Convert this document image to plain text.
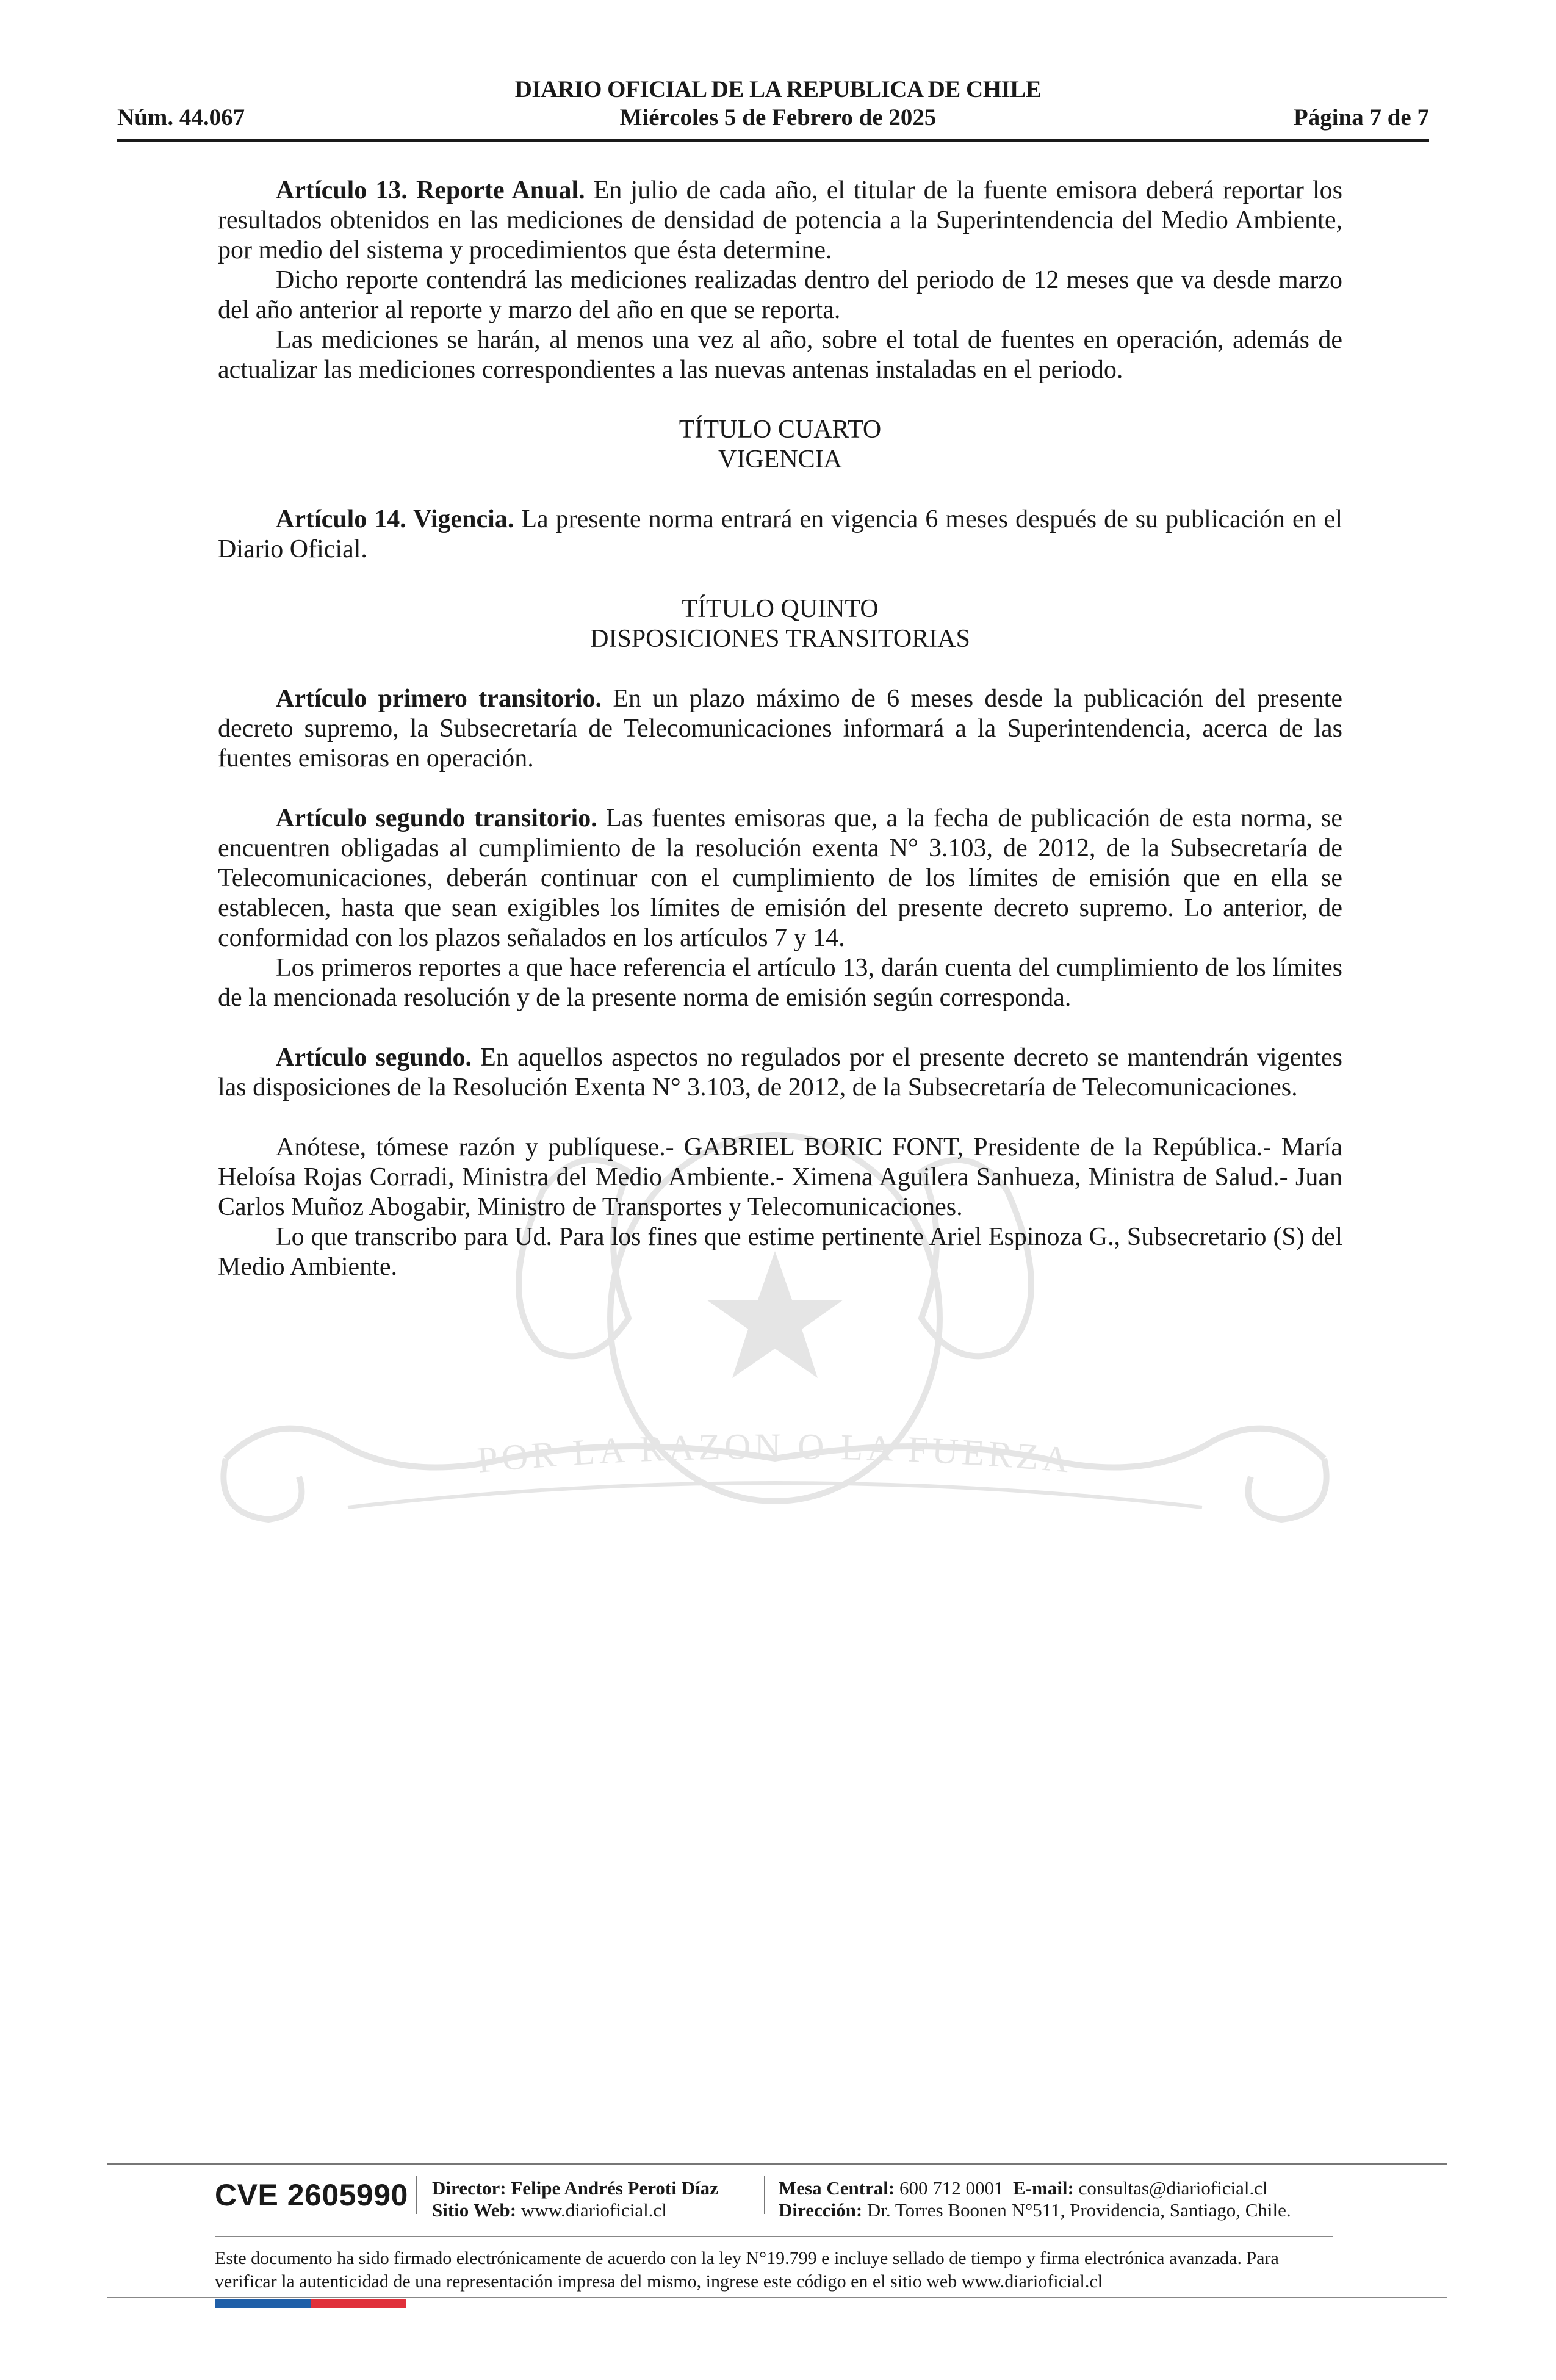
DIARIO OFICIAL DE LA REPUBLICA DE CHILE
Miércoles 5 de Febrero de 2025
Núm. 44.067	Página 7 de 7
POR LA RAZON O LA FUERZA

Artículo 13. Reporte Anual. En julio de cada año, el titular de la fuente emisora deberá reportar los resultados obtenidos en las mediciones de densidad de potencia a la Superintendencia del Medio Ambiente, por medio del sistema y procedimientos que ésta determine.

Dicho reporte contendrá las mediciones realizadas dentro del periodo de 12 meses que va desde marzo del año anterior al reporte y marzo del año en que se reporta.

Las mediciones se harán, al menos una vez al año, sobre el total de fuentes en operación, además de actualizar las mediciones correspondientes a las nuevas antenas instaladas en el periodo.

TÍTULO CUARTO
VIGENCIA

Artículo 14. Vigencia. La presente norma entrará en vigencia 6 meses después de su publicación en el Diario Oficial.

TÍTULO QUINTO
DISPOSICIONES TRANSITORIAS

Artículo primero transitorio. En un plazo máximo de 6 meses desde la publicación del presente decreto supremo, la Subsecretaría de Telecomunicaciones informará a la Superintendencia, acerca de las fuentes emisoras en operación.

Artículo segundo transitorio. Las fuentes emisoras que, a la fecha de publicación de esta norma, se encuentren obligadas al cumplimiento de la resolución exenta N° 3.103, de 2012, de la Subsecretaría de Telecomunicaciones, deberán continuar con el cumplimiento de los límites de emisión que en ella se establecen, hasta que sean exigibles los límites de emisión del presente decreto supremo. Lo anterior, de conformidad con los plazos señalados en los artículos 7 y 14.

Los primeros reportes a que hace referencia el artículo 13, darán cuenta del cumplimiento de los límites de la mencionada resolución y de la presente norma de emisión según corresponda.

Artículo segundo. En aquellos aspectos no regulados por el presente decreto se mantendrán vigentes las disposiciones de la Resolución Exenta N° 3.103, de 2012, de la Subsecretaría de Telecomunicaciones.

Anótese, tómese razón y publíquese.- GABRIEL BORIC FONT, Presidente de la República.- María Heloísa Rojas Corradi, Ministra del Medio Ambiente.- Ximena Aguilera Sanhueza, Ministra de Salud.- Juan Carlos Muñoz Abogabir, Ministro de Transportes y Telecomunicaciones.

Lo que transcribo para Ud. Para los fines que estime pertinente Ariel Espinoza G., Subsecretario (S) del Medio Ambiente.

CVE 2605990 Director: Felipe Andrés Peroti Díaz
Sitio Web: www.diarioficial.cl
Mesa Central: 600 712 0001 E-mail: consultas@diarioficial.cl
Dirección: Dr. Torres Boonen N°511, Providencia, Santiago, Chile.
Este documento ha sido firmado electrónicamente de acuerdo con la ley N°19.799 e incluye sellado de tiempo y firma electrónica avanzada. Para verificar la autenticidad de una representación impresa del mismo, ingrese este código en el sitio web www.diarioficial.cl
